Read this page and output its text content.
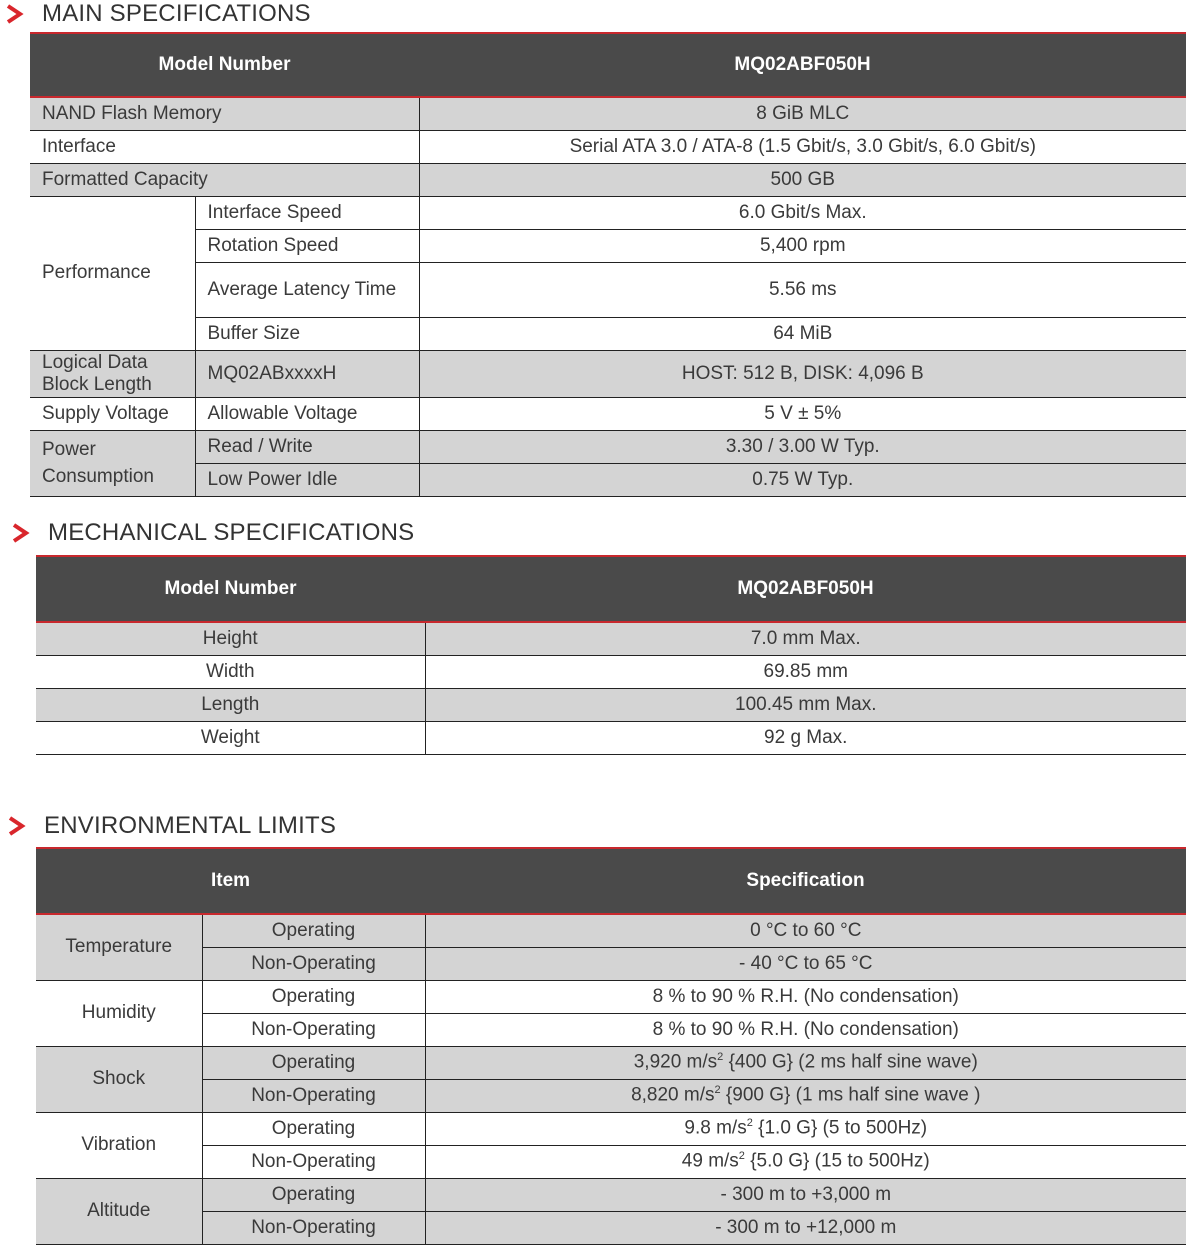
MAIN SPECIFICATIONS
Model Number		MQ02ABF050H
NAND Flash Memory		8 GiB MLC
Interface		Serial ATA 3.0 / ATA-8 (1.5 Gbit/s, 3.0 Gbit/s, 6.0 Gbit/s)
Formatted Capacity		500 GB
Performance	Interface Speed	6.0 Gbit/s Max.
	Rotation Speed	5,400 rpm
	Average Latency Time	5.56 ms
	Buffer Size	64 MiB
Logical Data Block Length	MQ02ABxxxxH	HOST: 512 B, DISK: 4,096 B
Supply Voltage	Allowable Voltage	5 V ± 5%
Power Consumption	Read / Write	3.30 / 3.00 W Typ.
	Low Power Idle	0.75 W Typ.
MECHANICAL SPECIFICATIONS
Model Number	MQ02ABF050H
Height	7.0 mm Max.
Width	69.85 mm
Length	100.45 mm Max.
Weight	92 g Max.
ENVIRONMENTAL LIMITS
Item		Specification
Temperature	Operating	0 °C to 60 °C
	Non-Operating	- 40 °C to 65 °C
Humidity	Operating	8 % to 90 % R.H. (No condensation)
	Non-Operating	8 % to 90 % R.H. (No condensation)
Shock	Operating	3,920 $m/s^2$ {400 G} (2 ms half sine wave)
	Non-Operating	8,820 $m/s^2$ {900 G} (1 ms half sine wave )
Vibration	Operating	9.8 $m/s^2$ {1.0 G} (5 to 500Hz)
	Non-Operating	49 $m/s^2$ {5.0 G} (15 to 500Hz)
Altitude	Operating	- 300 m to +3,000 m
	Non-Operating	- 300 m to +12,000 m
